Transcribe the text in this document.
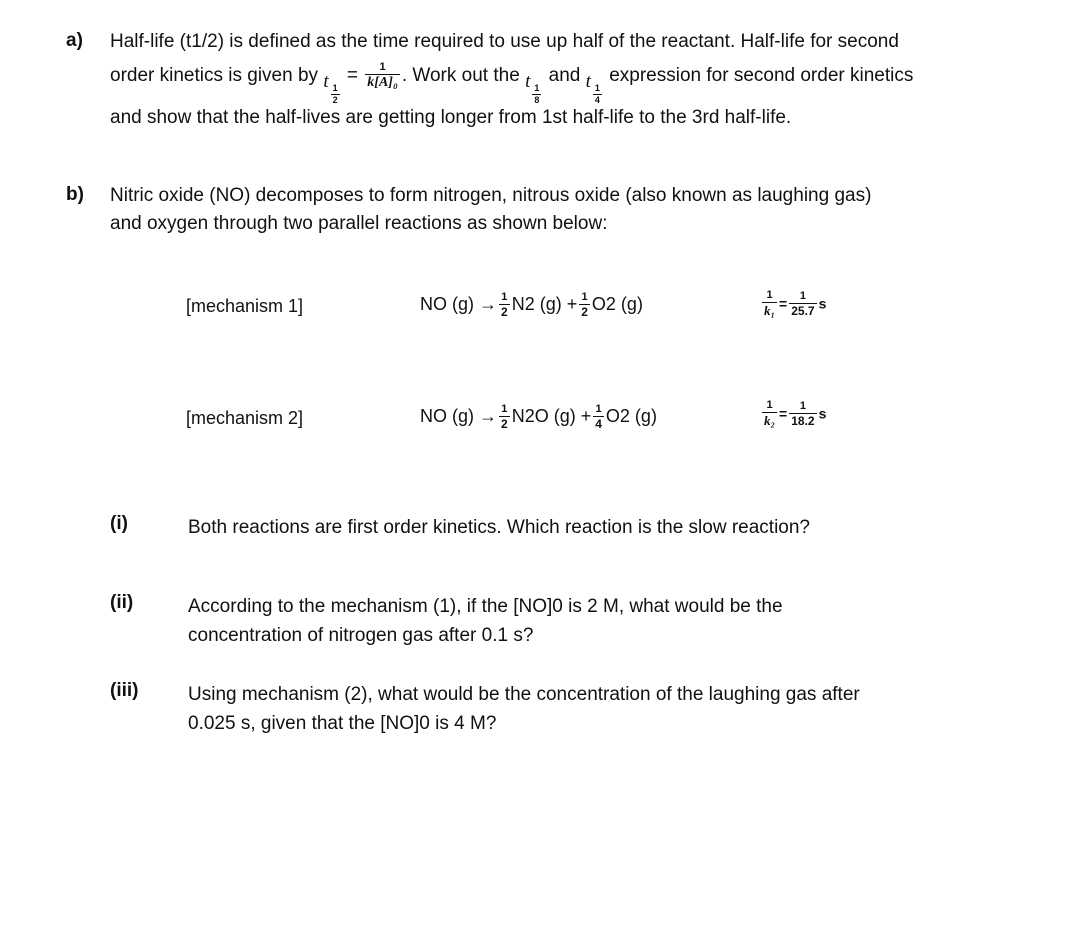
a) Half-life (t1/2) is defined as the time required to use up half of the reactant. Half-life for second
order kinetics is given by t
$\frac{1}{2}$
= $\frac{1}{\text{k[A]₀}}$ . Work out the t
$\frac{1}{8}$
and t
$\frac{1}{4}$
expression for second order kinetics
and show that the half-lives are getting longer from 1st half-life to the 3rd half-life.
b) Nitric oxide (NO) decomposes to form nitrogen, nitrous oxide (also known as laughing gas)
and oxygen through two parallel reactions as shown below:
[mechanism 1]	NO $(g) \to \frac{1}{2} N2$ $(g) + \frac{1}{2} O2$ (g)	$\frac{1}{\text{k₁}} = \frac{1}{25.7}$ s
[mechanism 2]	NO $(g) \to \frac{1}{2} N2O$ $(g) + \frac{1}{4} O2$ (g)	$\frac{1}{\text{k₂}} = \frac{1}{18.2}$ s
(i)	Both reactions are first order kinetics. Which reaction is the slow reaction?
(ii)	According to the mechanism (1), if the [NO]0 is 2 M, what would be the
concentration of nitrogen gas after 0.1 s?
(iii)	Using mechanism (2), what would be the concentration of the laughing gas after
0.025 s, given that the [NO]0 is 4 M?
